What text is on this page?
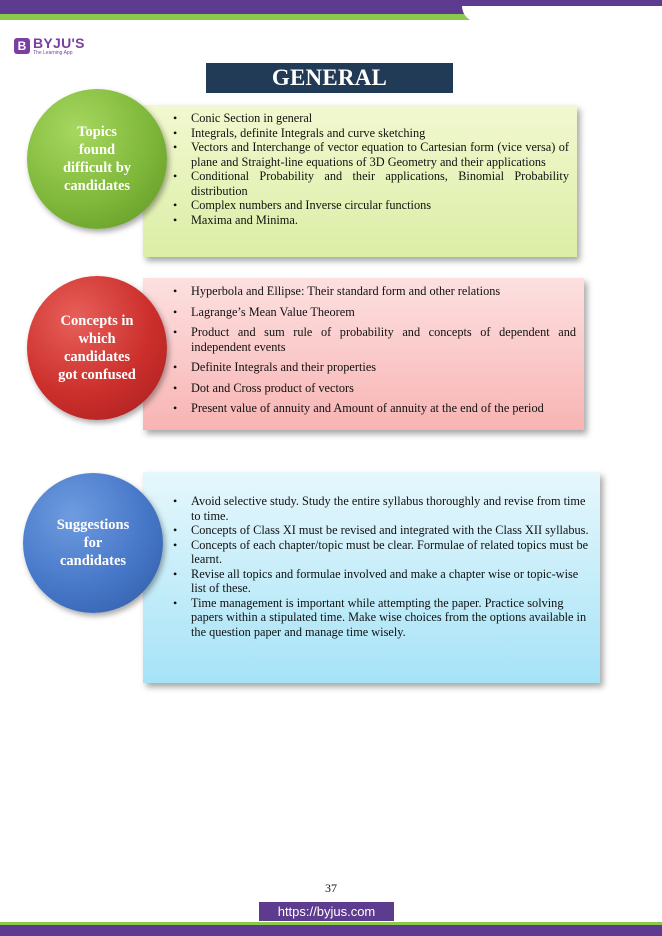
B BYJU'S
The Learning App
GENERAL
• Conic Section in general
• Integrals, definite Integrals and curve sketching
• Vectors and Interchange of vector equation to Cartesian form (vice versa) of plane and Straight-line equations of 3D Geometry and their applications
• Conditional Probability and their applications, Binomial Probability distribution
• Complex numbers and Inverse circular functions
• Maxima and Minima.
Topics
found
difficult by
candidates
• Hyperbola and Ellipse: Their standard form and other relations
• Lagrange’s Mean Value Theorem
• Product and sum rule of probability and concepts of dependent and independent events
• Definite Integrals and their properties
• Dot and Cross product of vectors
• Present value of annuity and Amount of annuity at the end of the period
Concepts in
which
candidates
got confused
• Avoid selective study. Study the entire syllabus thoroughly and revise from time to time.
• Concepts of Class XI must be revised and integrated with the Class XII syllabus.
• Concepts of each chapter/topic must be clear. Formulae of related topics must be learnt.
• Revise all topics and formulae involved and make a chapter wise or topic-wise list of these.
• Time management is important while attempting the paper. Practice solving papers within a stipulated time. Make wise choices from the options available in the question paper and manage time wisely.
Suggestions
for
candidates
37
https://byjus.com
